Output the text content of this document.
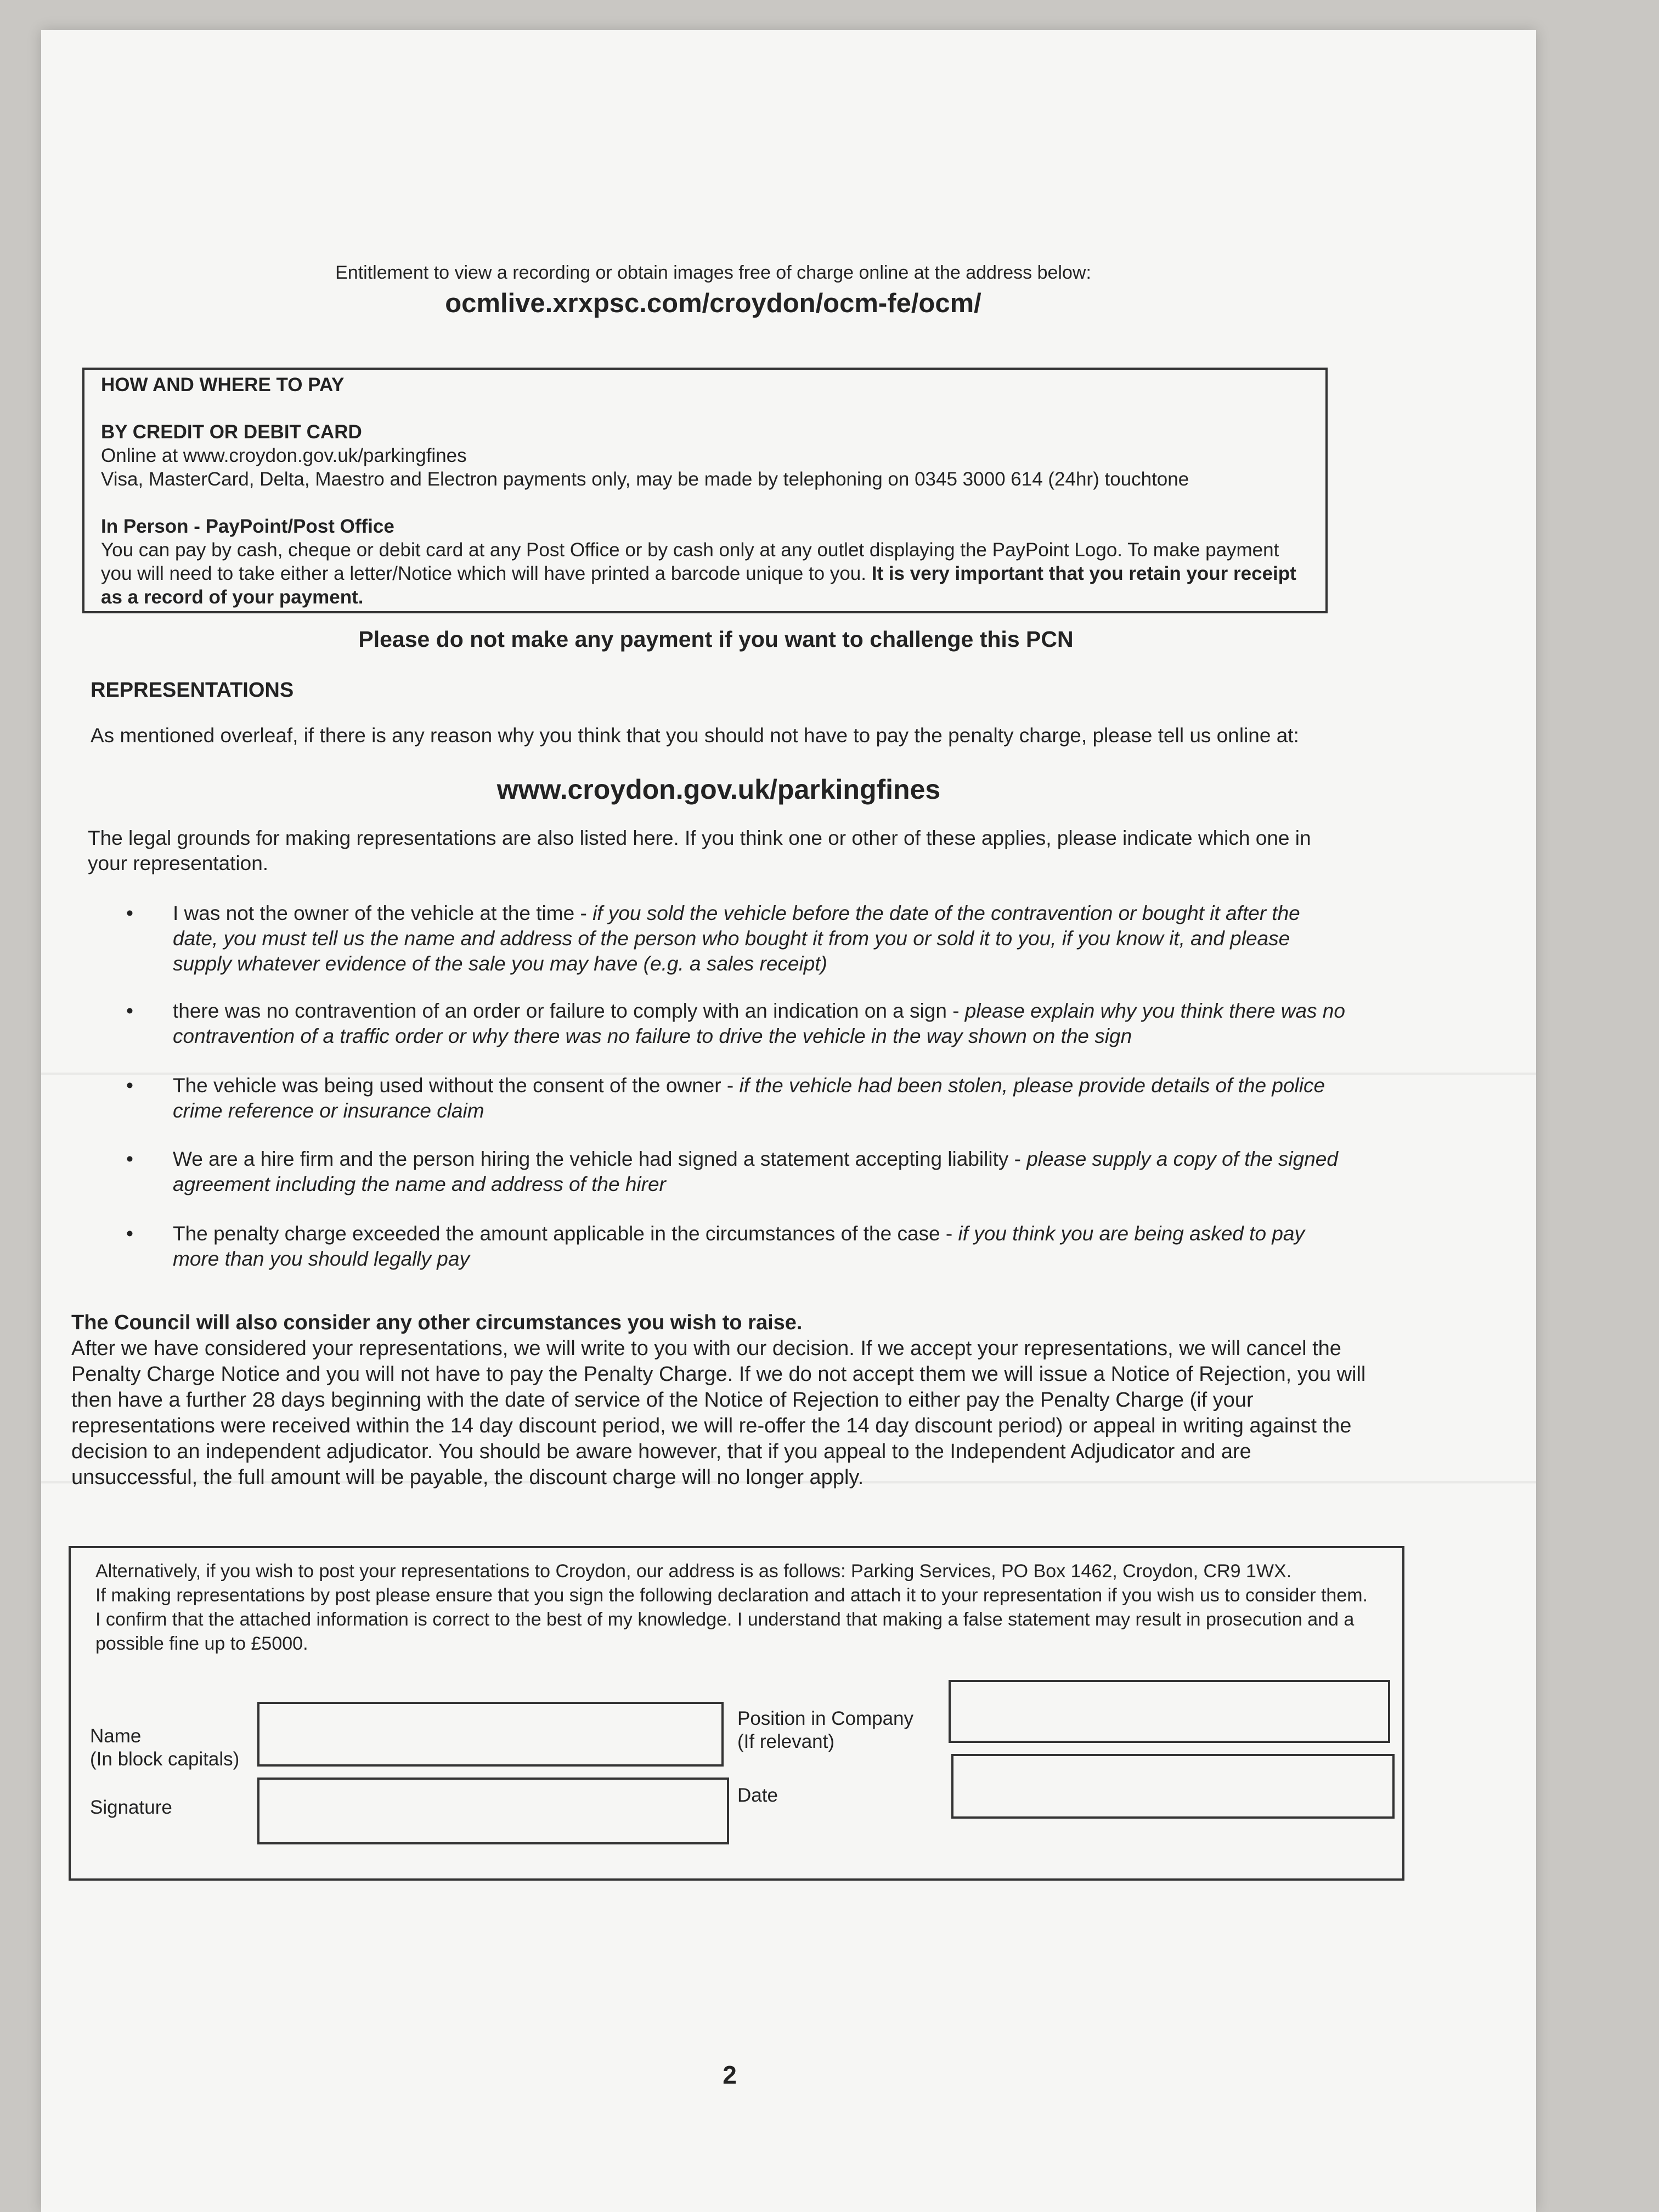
Entitlement to view a recording or obtain images free of charge online at the address below:
ocmlive.xrxpsc.com/croydon/ocm-fe/ocm/

HOW AND WHERE TO PAY

BY CREDIT OR DEBIT CARD

Online at www.croydon.gov.uk/parkingfines

Visa, MasterCard, Delta, Maestro and Electron payments only, may be made by telephoning on 0345 3000 614 (24hr) touchtone

In Person - PayPoint/Post Office

You can pay by cash, cheque or debit card at any Post Office or by cash only at any outlet displaying the PayPoint Logo. To make payment you will need to take either a letter/Notice which will have printed a barcode unique to you. It is very important that you retain your receipt as a record of your payment.

Please do not make any payment if you want to challenge this PCN
REPRESENTATIONS
As mentioned overleaf, if there is any reason why you think that you should not have to pay the penalty charge, please tell us online at:
www.croydon.gov.uk/parkingfines
The legal grounds for making representations are also listed here. If you think one or other of these applies, please indicate which one in your representation.
• I was not the owner of the vehicle at the time - if you sold the vehicle before the date of the contravention or bought it after the date, you must tell us the name and address of the person who bought it from you or sold it to you, if you know it, and please supply whatever evidence of the sale you may have (e.g. a sales receipt)
• there was no contravention of an order or failure to comply with an indication on a sign - please explain why you think there was no contravention of a traffic order or why there was no failure to drive the vehicle in the way shown on the sign
• The vehicle was being used without the consent of the owner - if the vehicle had been stolen, please provide details of the police crime reference or insurance claim
• We are a hire firm and the person hiring the vehicle had signed a statement accepting liability - please supply a copy of the signed agreement including the name and address of the hirer
• The penalty charge exceeded the amount applicable in the circumstances of the case - if you think you are being asked to pay more than you should legally pay
The Council will also consider any other circumstances you wish to raise.
After we have considered your representations, we will write to you with our decision. If we accept your representations, we will cancel the Penalty Charge Notice and you will not have to pay the Penalty Charge. If we do not accept them we will issue a Notice of Rejection, you will then have a further 28 days beginning with the date of service of the Notice of Rejection to either pay the Penalty Charge (if your representations were received within the 14 day discount period, we will re-offer the 14 day discount period) or appeal in writing against the decision to an independent adjudicator. You should be aware however, that if you appeal to the Independent Adjudicator and are unsuccessful, the full amount will be payable, the discount charge will no longer apply.
Alternatively, if you wish to post your representations to Croydon, our address is as follows: Parking Services, PO Box 1462, Croydon, CR9 1WX.
If making representations by post please ensure that you sign the following declaration and attach it to your representation if you wish us to consider them.
I confirm that the attached information is correct to the best of my knowledge. I understand that making a false statement may result in prosecution and a possible fine up to £5000.
Name
(In block capitals)
Position in Company
(If relevant)
Signature
Date
2
